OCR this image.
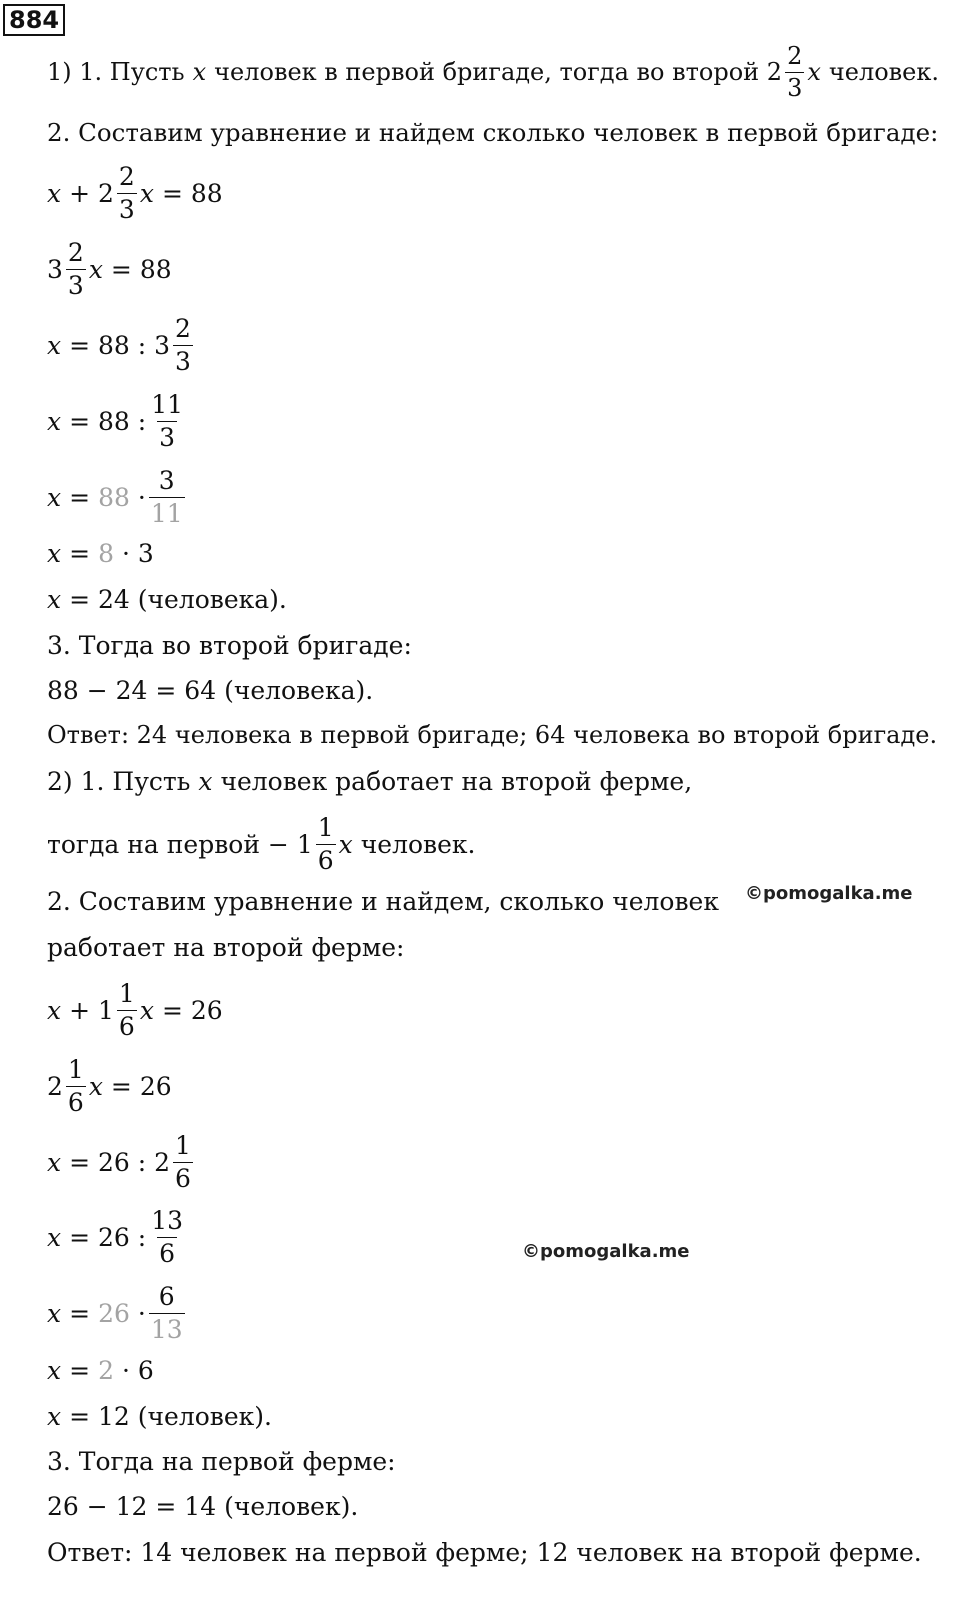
884
1) 1. Пусть x человек в первой бригаде, тогда во второй $2 \frac{2}{3}$ x человек.
2. Составим уравнение и найдем сколько человек в первой бригаде:
$x + 2 \frac{2}{3}$ x = 88
$3 \frac{2}{3}$ x = 88
x = 88 : $3 \frac{2}{3}$
x = 88 : $\frac{11}{3}$
$x = 88 \cdot \frac{3}{11}$
x = 8 · 3
x = 24 (человека).
3. Тогда во второй бригаде:
88 − 24 = 64 (человека).
Ответ: 24 человека в первой бригаде; 64 человека во второй бригаде.
2) 1. Пусть x человек работает на второй ферме,
тогда на первой − $1 \frac{1}{6}$ x человек.
©pomogalka.me
2. Составим уравнение и найдем, сколько человек
работает на второй ферме:
$x + 1 \frac{1}{6}$ x = 26
$2 \frac{1}{6}$ x = 26
x = 26 : $2 \frac{1}{6}$
x = 26 : $\frac{13}{6}$	©pomogalka.me
$x = 26 \cdot \frac{6}{13}$
x = 2 · 6
x = 12 (человек).
3. Тогда на первой ферме:
26 − 12 = 14 (человек).
Ответ: 14 человек на первой ферме; 12 человек на второй ферме.
